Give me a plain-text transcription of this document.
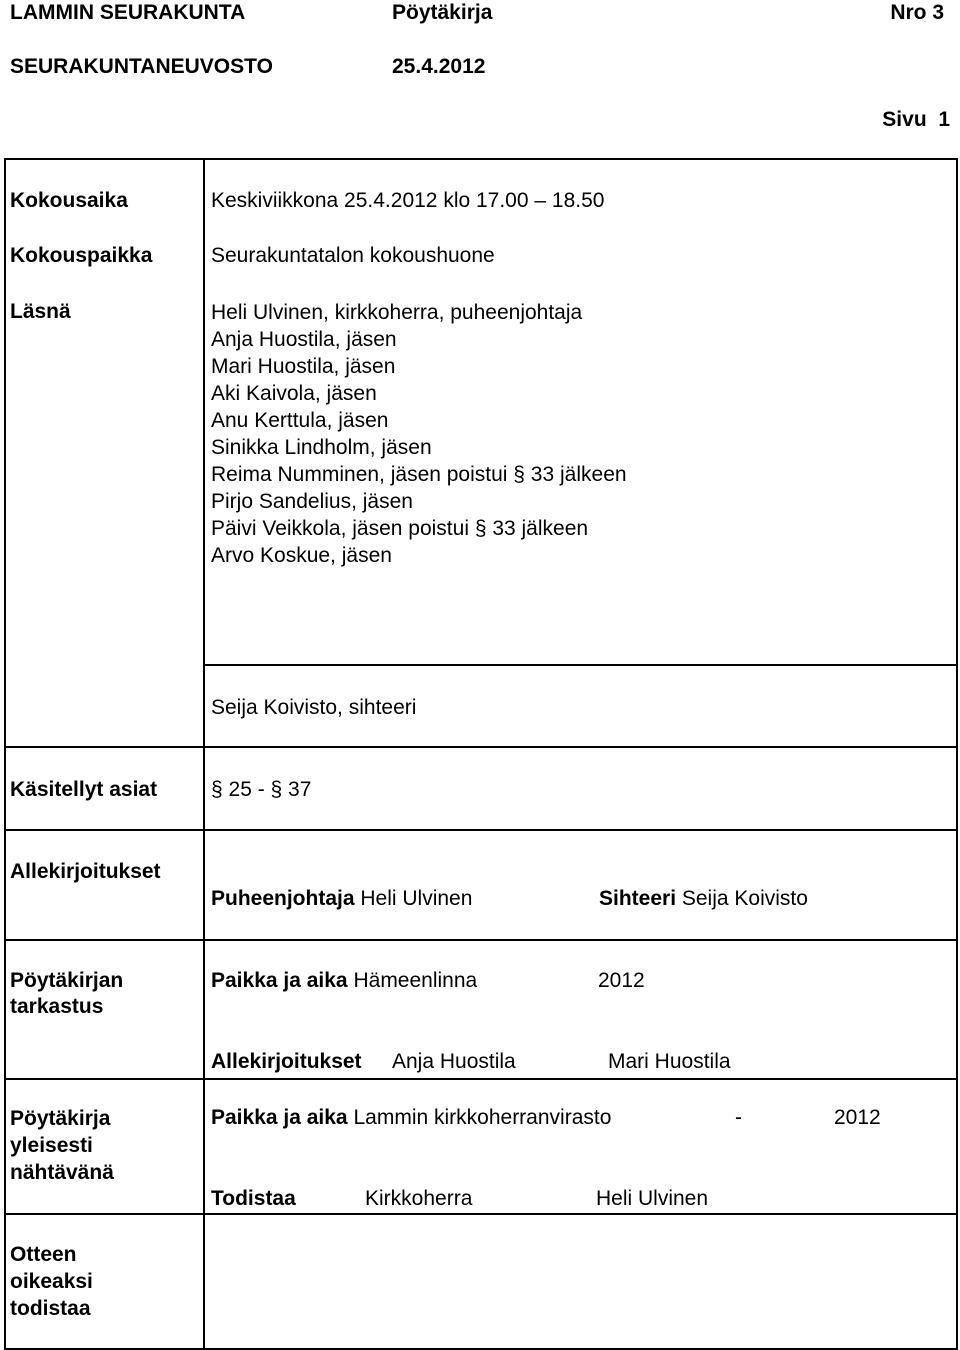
LAMMIN SEURAKUNTA	Pöytäkirja	Nro 3
SEURAKUNTANEUVOSTO	25.4.2012
Sivu  1
Kokousaika	Keskiviikkona 25.4.2012 klo 17.00 – 18.50
Kokouspaikka	Seurakuntatalon kokoushuone
Läsnä	Heli Ulvinen, kirkkoherra, puheenjohtaja
Anja Huostila, jäsen
Mari Huostila, jäsen
Aki Kaivola, jäsen
Anu Kerttula, jäsen
Sinikka Lindholm, jäsen
Reima Numminen, jäsen poistui § 33 jälkeen
Pirjo Sandelius, jäsen
Päivi Veikkola, jäsen poistui § 33 jälkeen
Arvo Koskue, jäsen
Seija Koivisto, sihteeri
Käsitellyt asiat	§ 25 - § 37
Allekirjoitukset
Puheenjohtaja Heli Ulvinen	Sihteeri Seija Koivisto
Pöytäkirjan
tarkastus
Paikka ja aika Hämeenlinna	2012
Allekirjoitukset Anja Huostila	Mari Huostila
Pöytäkirja
yleisesti
nähtävänä
Paikka ja aika Lammin kirkkoherranvirasto	-	2012
Todistaa	Kirkkoherra	Heli Ulvinen
Otteen
oikeaksi
todistaa
